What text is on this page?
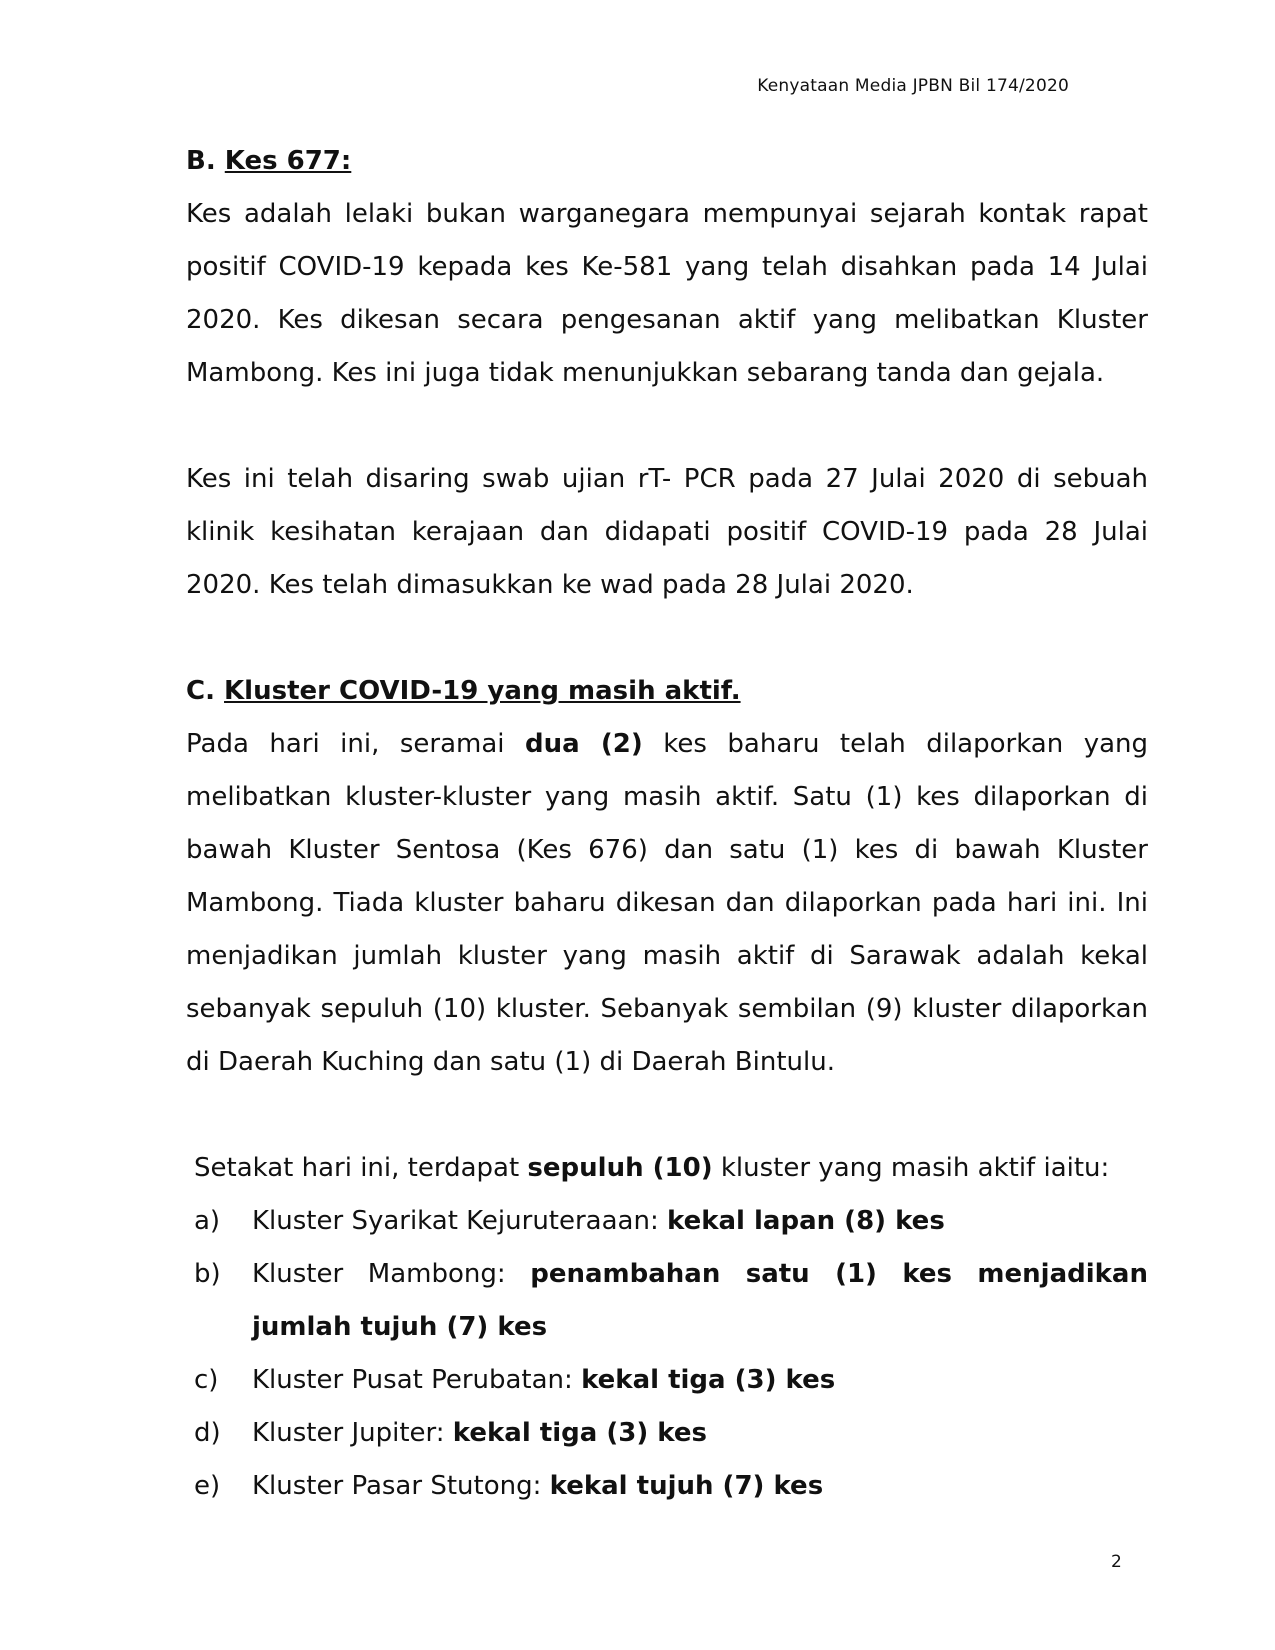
Kenyataan Media JPBN Bil 174/2020
B. Kes 677:

Kes adalah lelaki bukan warganegara mempunyai sejarah kontak rapat positif COVID-19 kepada kes Ke-581 yang telah disahkan pada 14 Julai 2020. Kes dikesan secara pengesanan aktif yang melibatkan Kluster Mambong. Kes ini juga tidak menunjukkan sebarang tanda dan gejala.

Kes ini telah disaring swab ujian rT- PCR pada 27 Julai 2020 di sebuah klinik kesihatan kerajaan dan didapati positif COVID-19 pada 28 Julai 2020. Kes telah dimasukkan ke wad pada 28 Julai 2020.

C. Kluster COVID-19 yang masih aktif.

Pada hari ini, seramai dua (2) kes baharu telah dilaporkan yang melibatkan kluster-kluster yang masih aktif. Satu (1) kes dilaporkan di bawah Kluster Sentosa (Kes 676) dan satu (1) kes di bawah Kluster Mambong. Tiada kluster baharu dikesan dan dilaporkan pada hari ini. Ini menjadikan jumlah kluster yang masih aktif di Sarawak adalah kekal sebanyak sepuluh (10) kluster. Sebanyak sembilan (9) kluster dilaporkan di Daerah Kuching dan satu (1) di Daerah Bintulu.

Setakat hari ini, terdapat sepuluh (10) kluster yang masih aktif iaitu:

a)	Kluster Syarikat Kejuruteraaan: kekal lapan (8) kes
b)	Kluster Mambong: penambahan satu (1) kes menjadikan jumlah tujuh (7) kes
c)	Kluster Pusat Perubatan: kekal tiga (3) kes
d)	Kluster Jupiter: kekal tiga (3) kes
e)	Kluster Pasar Stutong: kekal tujuh (7) kes
2
